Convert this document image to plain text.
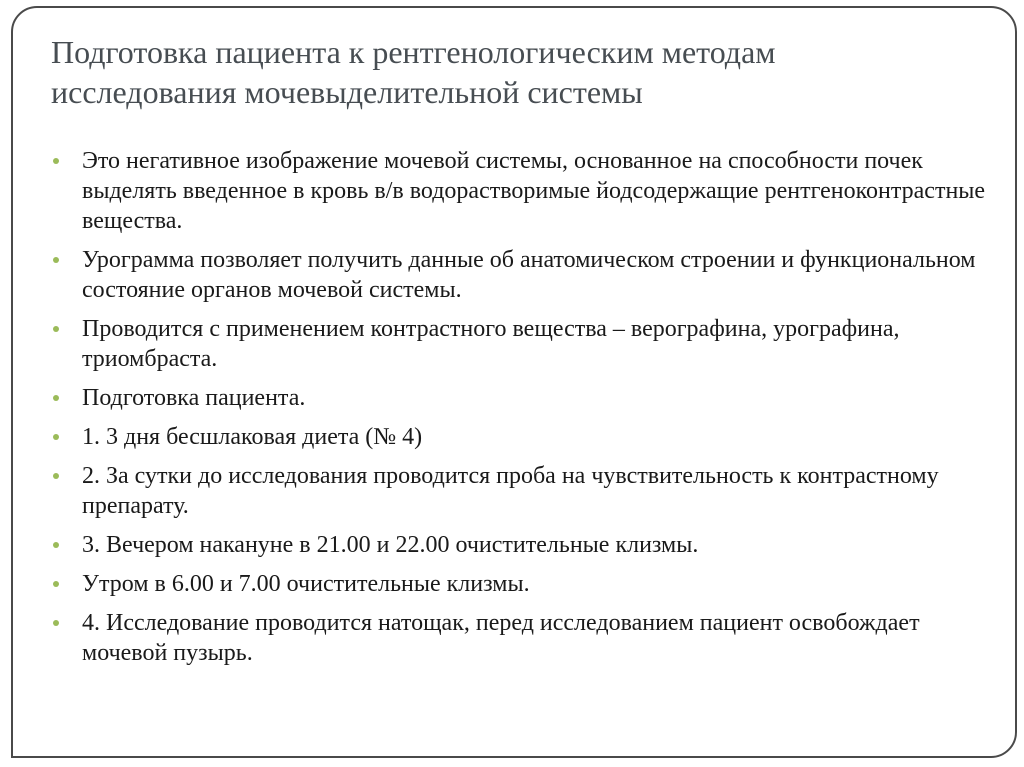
Подготовка пациента к рентгенологическим методам
исследования мочевыделительной системы
Это негативное изображение мочевой системы, основанное на способности почек выделять введенное в кровь в/в водорастворимые йодсодержащие рентгеноконтрастные вещества.
Урограмма позволяет получить данные об анатомическом строении и функциональном состояние органов мочевой системы.
Проводится с применением контрастного вещества – верографина, урографина, триомбраста.
Подготовка пациента.
1. 3 дня бесшлаковая диета (№ 4)
2. За сутки до исследования проводится проба на чувствительность к контрастному препарату.
3. Вечером накануне в 21.00 и 22.00 очистительные клизмы.
Утром в 6.00 и 7.00 очистительные клизмы.
4. Исследование проводится натощак, перед исследованием пациент освобождает мочевой пузырь.
